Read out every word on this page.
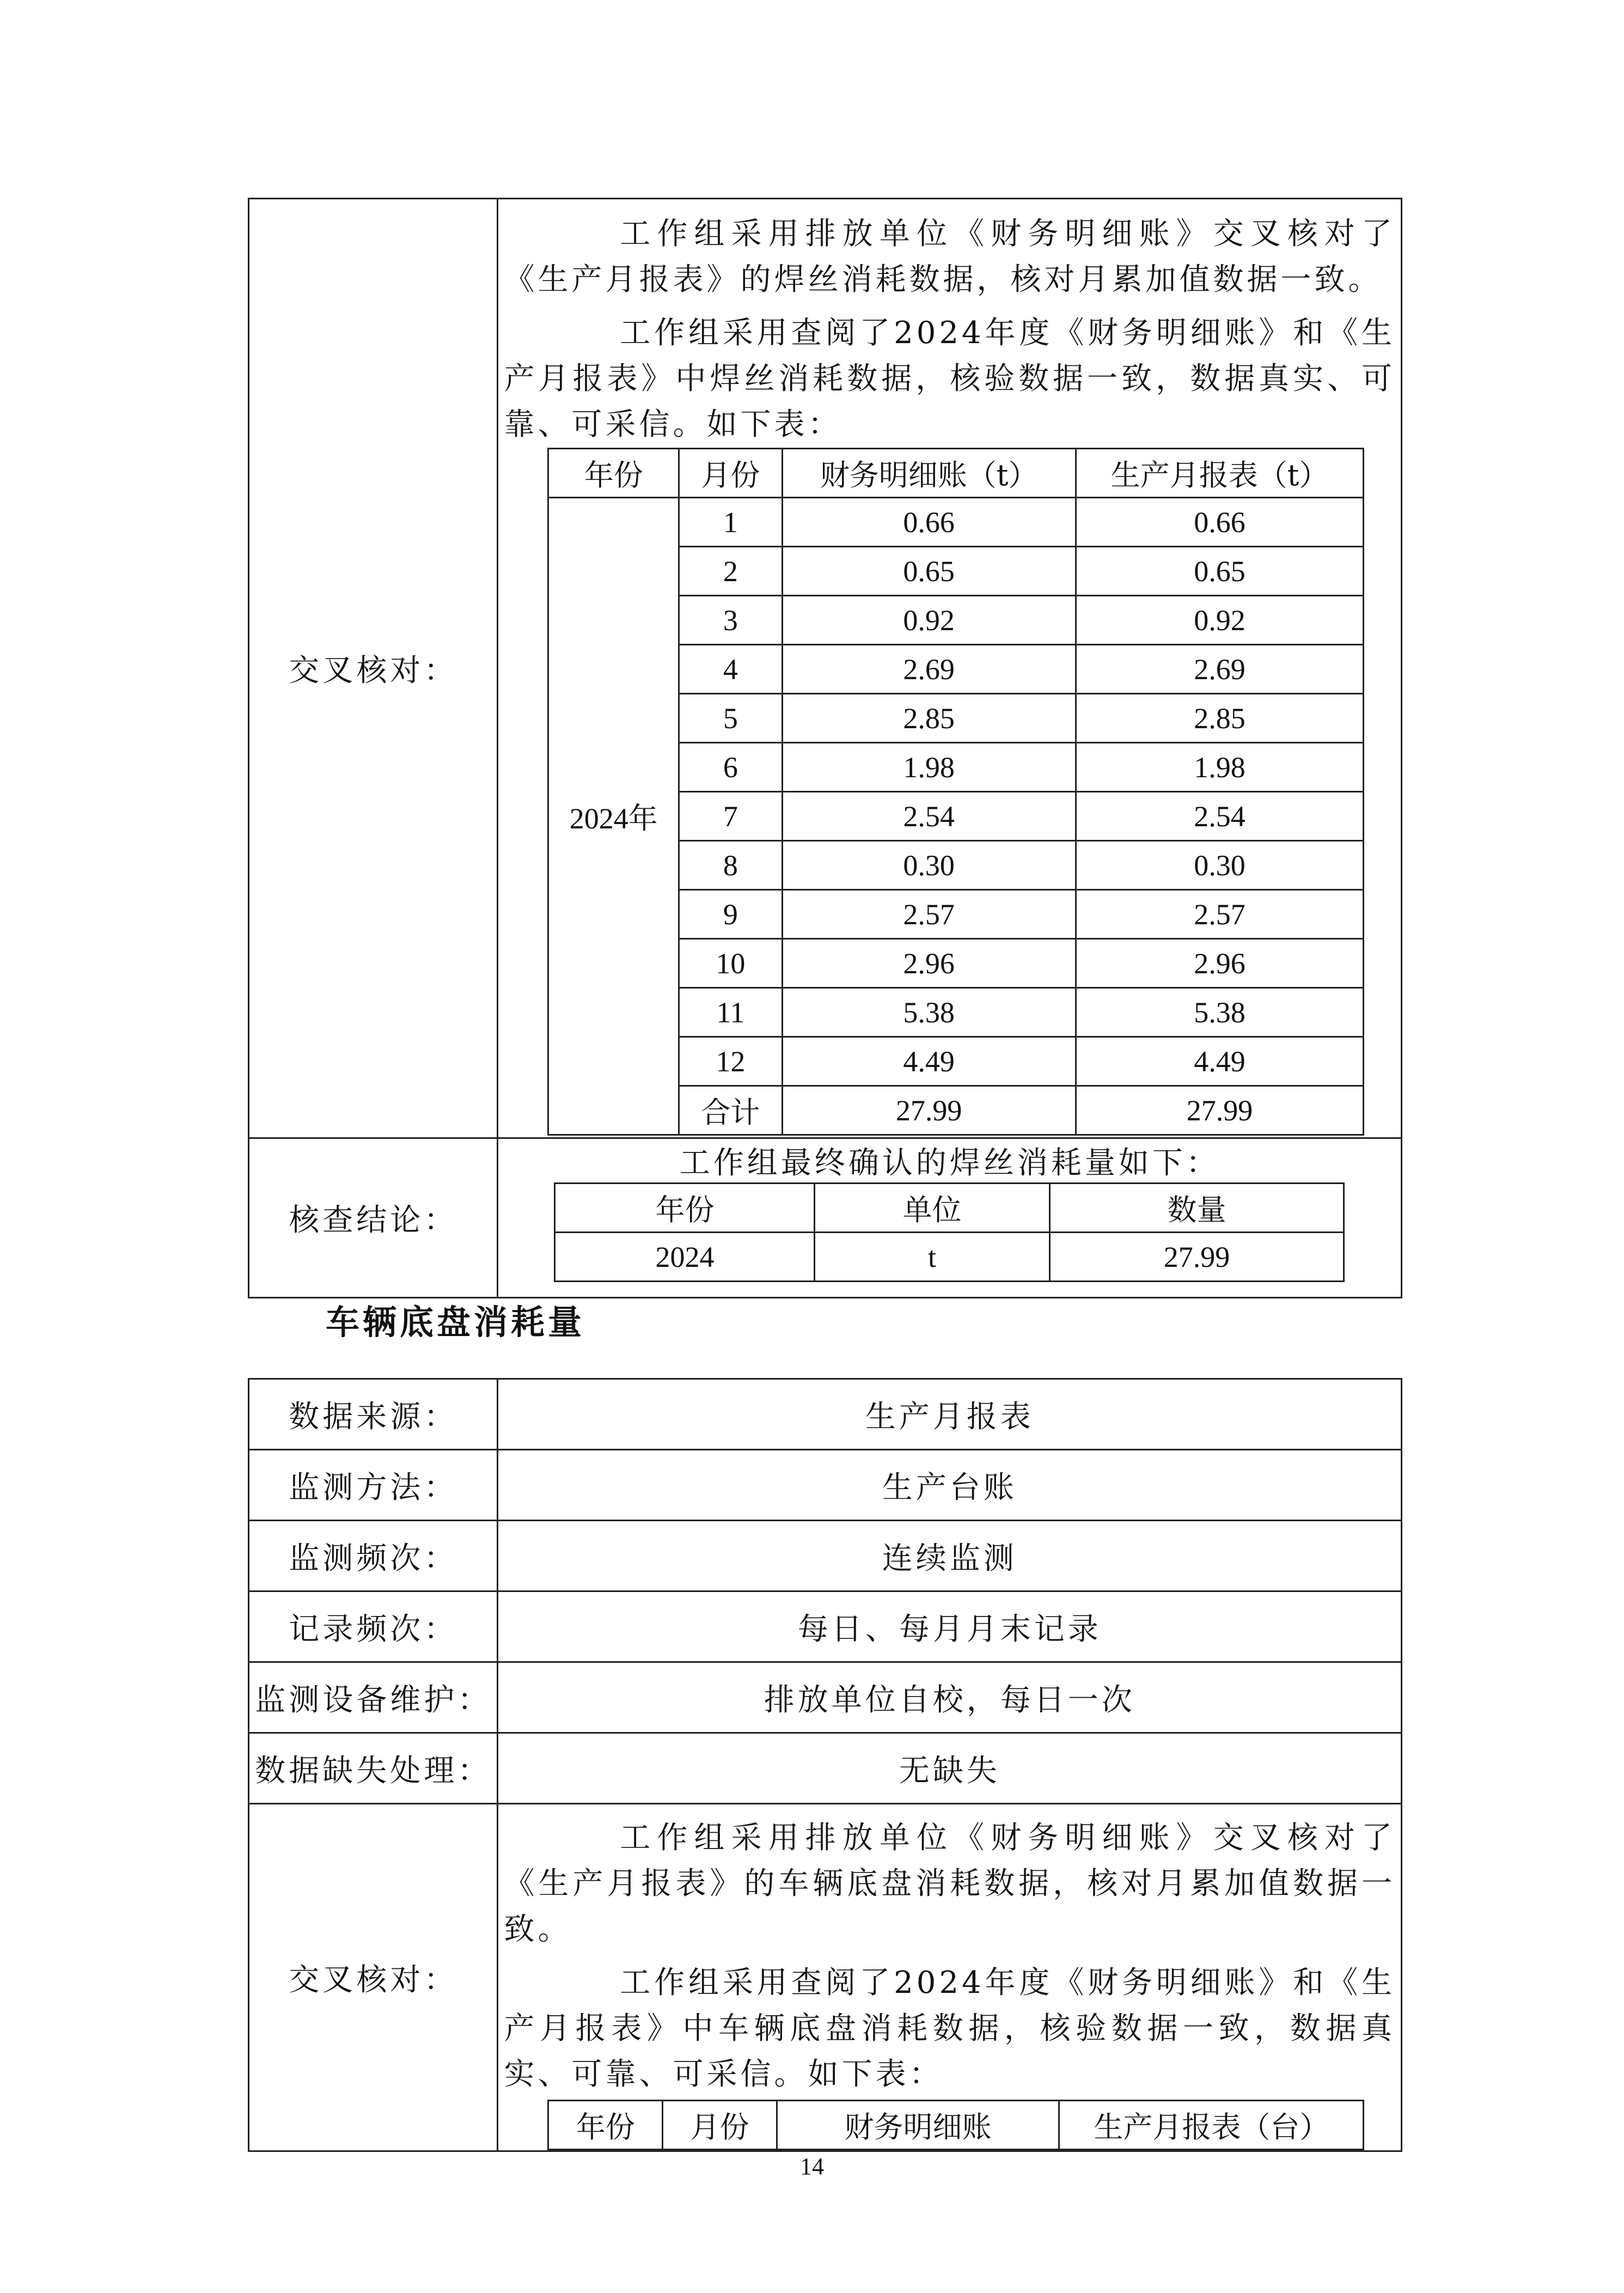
交叉核对：	

工作组采用排放单位《财务明细账》交叉核对了《生产月报表》的焊丝消耗数据，核对月累加值数据一致。

工作组采用查阅了2024年度《财务明细账》和《生产月报表》中焊丝消耗数据，核验数据一致，数据真实、可靠、可采信。如下表：

年份	月份	财务明细账（t）	生产月报表（t）
2024年	1	0.66	0.66
2	0.65	0.65
3	0.92	0.92
4	2.69	2.69
5	2.85	2.85
6	1.98	1.98
7	2.54	2.54
8	0.30	0.30
9	2.57	2.57
10	2.96	2.96
11	5.38	5.38
12	4.49	4.49
合计	27.99	27.99

核查结论：	
工作组最终确认的焊丝消耗量如下：
年份	单位	数量
2024	t	27.99
车辆底盘消耗量
数据来源：	生产月报表
监测方法：	生产台账
监测频次：	连续监测
记录频次：	每日、每月月末记录
监测设备维护：	排放单位自校，每日一次
数据缺失处理：	无缺失
交叉核对：	

工作组采用排放单位《财务明细账》交叉核对了《生产月报表》的车辆底盘消耗数据，核对月累加值数据一致。

工作组采用查阅了2024年度《财务明细账》和《生产月报表》中车辆底盘消耗数据，核验数据一致，数据真实、可靠、可采信。如下表：

年份	月份	财务明细账	生产月报表（台）
14
